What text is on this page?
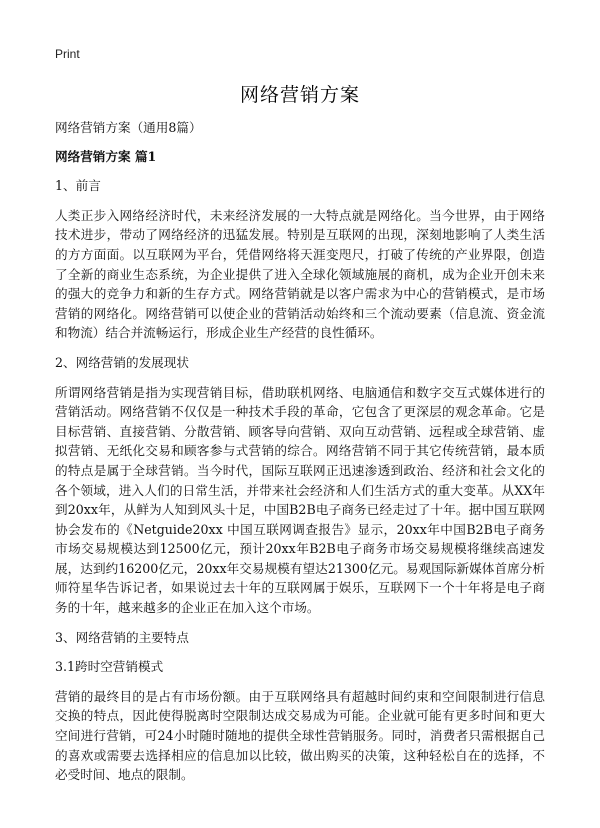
Print
网络营销方案

网络营销方案（通用8篇）

网络营销方案 篇1

1、前言

人类正步入网络经济时代，未来经济发展的一大特点就是网络化。当今世界，由于网络技术进步，带动了网络经济的迅猛发展。特别是互联网的出现，深刻地影响了人类生活的方方面面。以互联网为平台，凭借网络将天涯变咫尺，打破了传统的产业界限，创造了全新的商业生态系统，为企业提供了进入全球化领域施展的商机，成为企业开创未来的强大的竞争力和新的生存方式。网络营销就是以客户需求为中心的营销模式，是市场营销的网络化。网络营销可以使企业的营销活动始终和三个流动要素（信息流、资金流和物流）结合并流畅运行，形成企业生产经营的良性循环。

2、网络营销的发展现状

所谓网络营销是指为实现营销目标，借助联机网络、电脑通信和数字交互式媒体进行的营销活动。网络营销不仅仅是一种技术手段的革命，它包含了更深层的观念革命。它是目标营销、直接营销、分散营销、顾客导向营销、双向互动营销、远程或全球营销、虚拟营销、无纸化交易和顾客参与式营销的综合。网络营销不同于其它传统营销，最本质的特点是属于全球营销。当今时代，国际互联网正迅速渗透到政治、经济和社会文化的各个领域，进入人们的日常生活，并带来社会经济和人们生活方式的重大变革。从XX年到20xx年，从鲜为人知到风头十足，中国B2B电子商务已经走过了十年。据中国互联网协会发布的《Netguide20xx 中国互联网调查报告》显示，20xx年中国B2B电子商务市场交易规模达到12500亿元，预计20xx年B2B电子商务市场交易规模将继续高速发展，达到约16200亿元，20xx年交易规模有望达21300亿元。易观国际新媒体首席分析师符星华告诉记者，如果说过去十年的互联网属于娱乐，互联网下一个十年将是电子商务的十年，越来越多的企业正在加入这个市场。

3、网络营销的主要特点

3.1跨时空营销模式

营销的最终目的是占有市场份额。由于互联网络具有超越时间约束和空间限制进行信息交换的特点，因此使得脱离时空限制达成交易成为可能。企业就可能有更多时间和更大空间进行营销，可24小时随时随地的提供全球性营销服务。同时，消费者只需根据自己的喜欢或需要去选择相应的信息加以比较，做出购买的决策，这种轻松自在的选择，不必受时间、地点的限制。
